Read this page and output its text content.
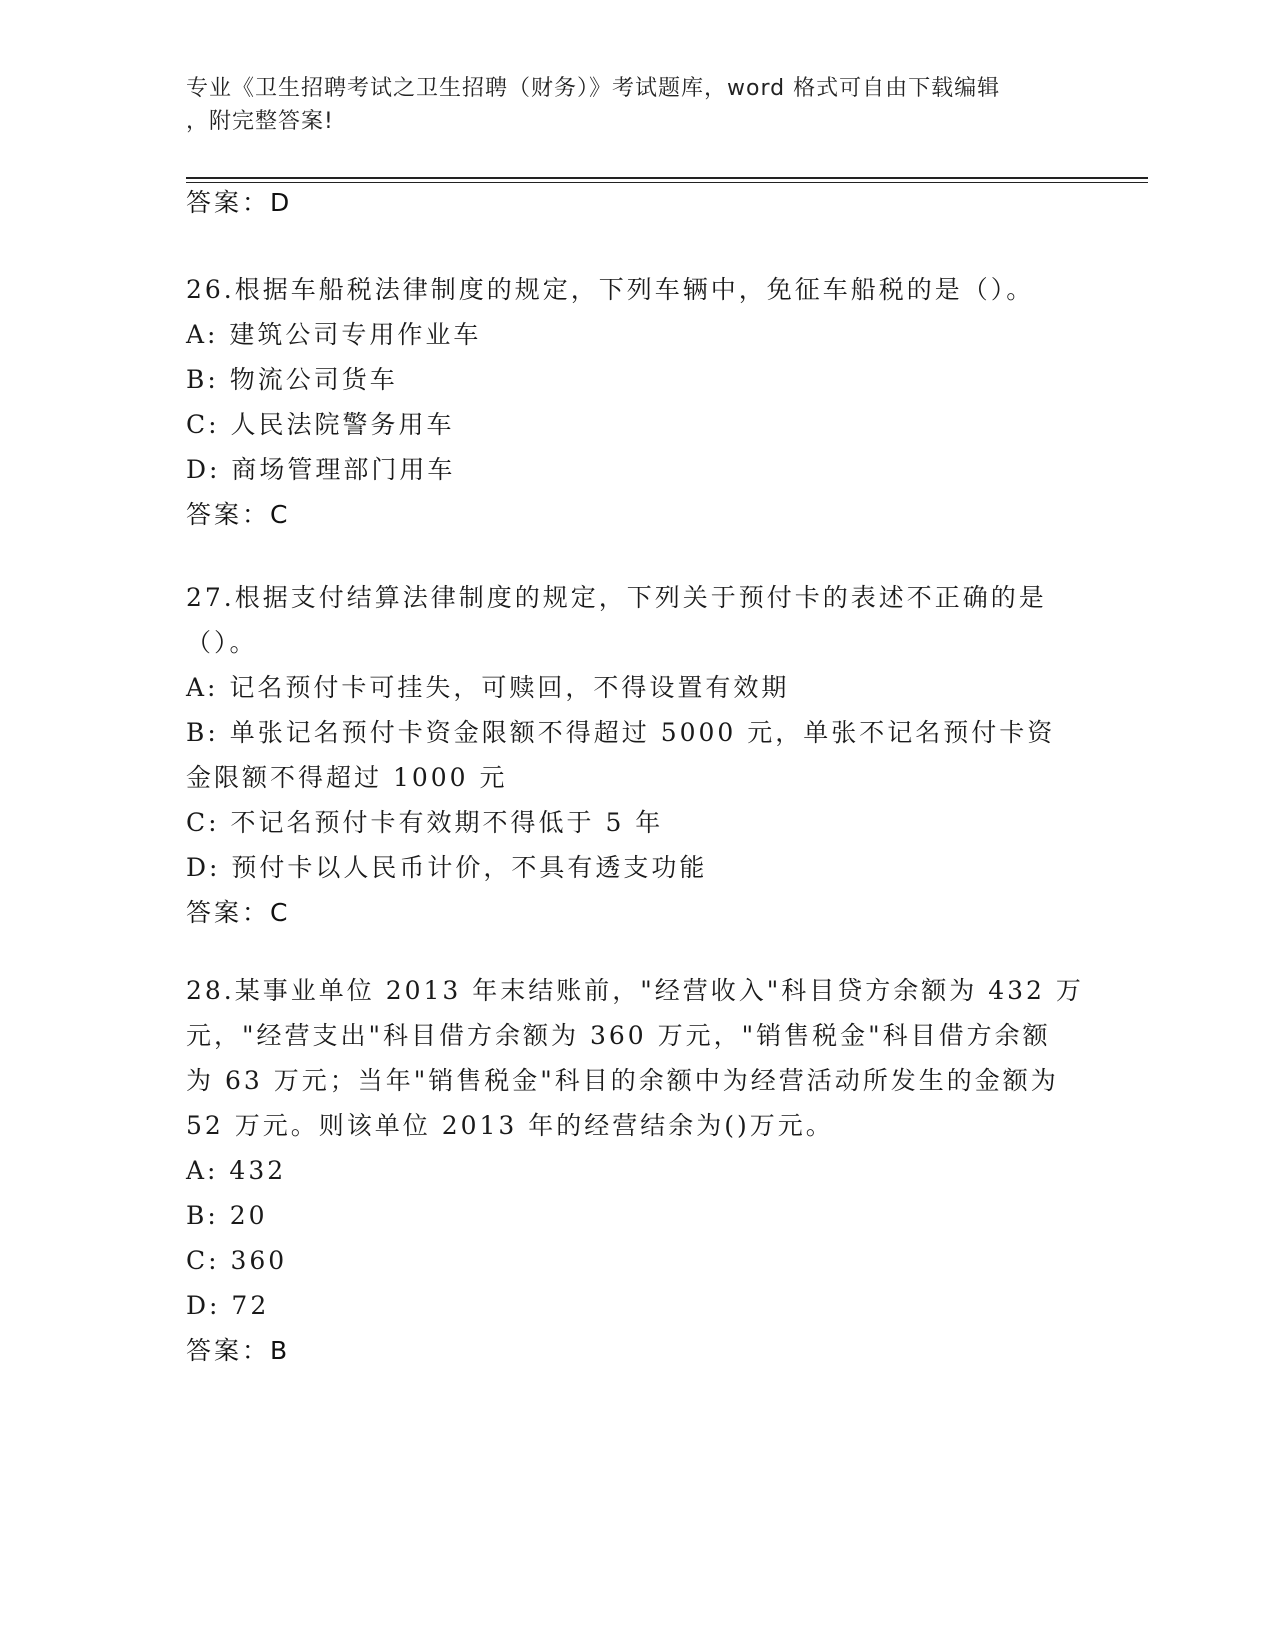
专业《卫生招聘考试之卫生招聘（财务）》考试题库，word 格式可自由下载编辑
，附完整答案!
答案：D
26.根据车船税法律制度的规定，下列车辆中，免征车船税的是（）。
A: 建筑公司专用作业车
B: 物流公司货车
C: 人民法院警务用车
D: 商场管理部门用车
答案：C
27.根据支付结算法律制度的规定，下列关于预付卡的表述不正确的是
（）。
A: 记名预付卡可挂失，可赎回，不得设置有效期
B: 单张记名预付卡资金限额不得超过 5000 元，单张不记名预付卡资
金限额不得超过 1000 元
C: 不记名预付卡有效期不得低于 5 年
D: 预付卡以人民币计价，不具有透支功能
答案：C
28.某事业单位 2013 年末结账前，"经营收入"科目贷方余额为 432 万
元，"经营支出"科目借方余额为 360 万元，"销售税金"科目借方余额
为 63 万元；当年"销售税金"科目的余额中为经营活动所发生的金额为
52 万元。则该单位 2013 年的经营结余为()万元。
A: 432
B: 20
C: 360
D: 72
答案：B
